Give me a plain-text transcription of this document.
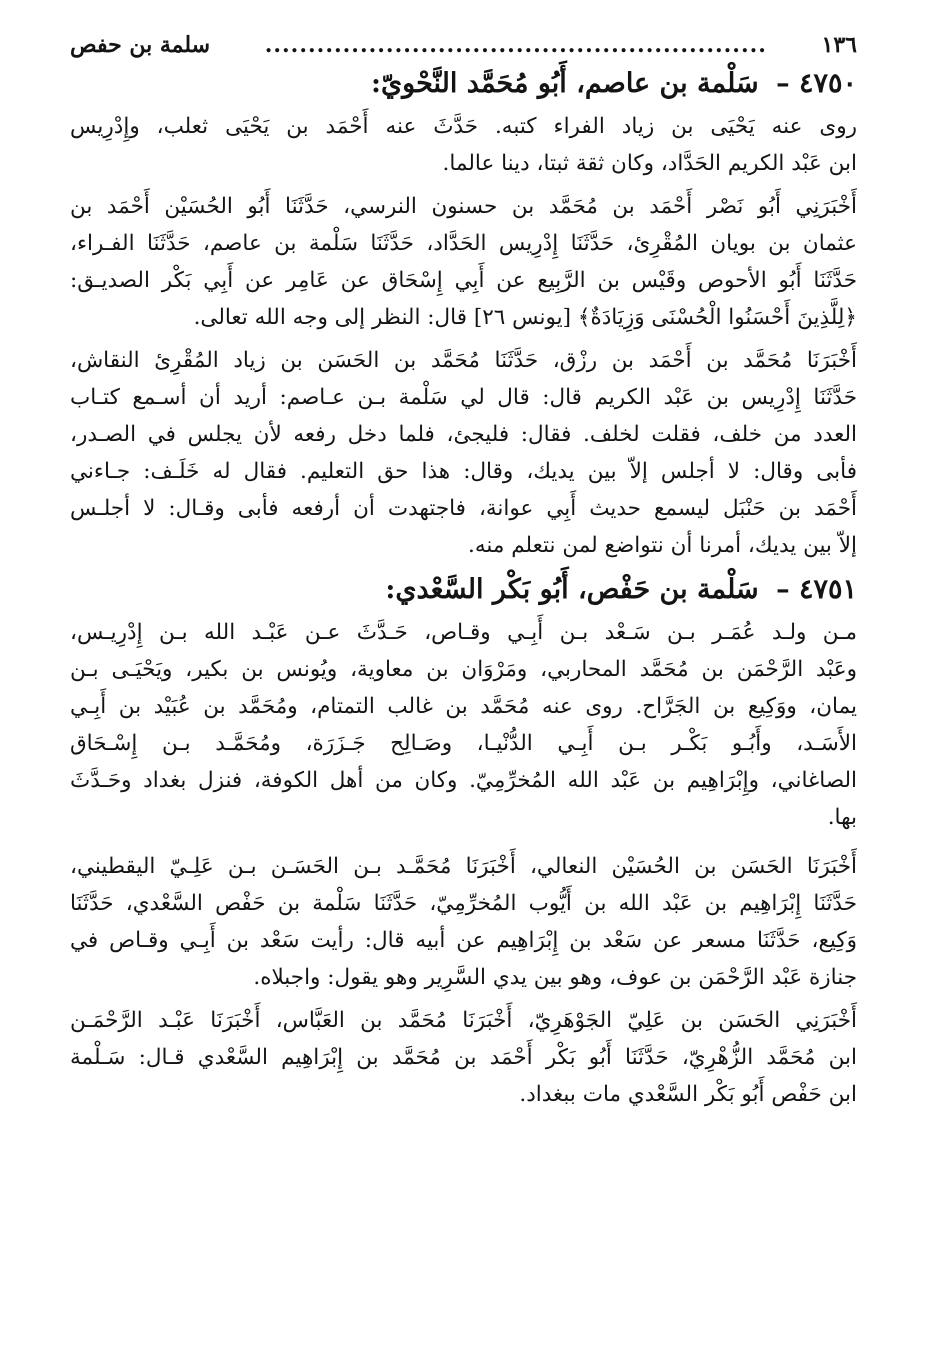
١٣٦
..........................................................
سلمة بن حفص
٤٧٥٠ – سَلْمة بن عاصم، أَبُو مُحَمَّد النَّحْويّ:
روى عنه يَحْيَى بن زياد الفراء كتبه. حَدَّثَ عنه أَحْمَد بن يَحْيَى ثعلب، وإِدْرِيس
ابن عَبْد الكريم الحَدَّاد، وكان ثقة ثبتا، دينا عالما.
أَخْبَرَنِي أَبُو نَصْر أَحْمَد بن مُحَمَّد بن حسنون النرسي، حَدَّثَنَا أَبُو الحُسَيْن أَحْمَد بن
عثمان بن بويان المُقْرِئ، حَدَّثَنَا إِدْرِيس الحَدَّاد، حَدَّثَنَا سَلْمة بن عاصم، حَدَّثَنَا الفـراء،
حَدَّثَنَا أَبُو الأحوص وقَيْس بن الرَّبِيع عن أَبِي إِسْحَاق عن عَامِر عن أَبِي بَكْر الصديـق:
﴿لِلَّذِينَ أَحْسَنُوا الْحُسْنَى وَزِيَادَةٌ﴾ [يونس ٢٦] قال: النظر إلى وجه الله تعالى.
أَخْبَرَنَا مُحَمَّد بن أَحْمَد بن رزْق، حَدَّثَنَا مُحَمَّد بن الحَسَن بن زياد المُقْرِئ النقاش،
حَدَّثَنَا إِدْرِيس بن عَبْد الكريم قال: قال لي سَلْمة بـن عـاصم: أريد أن أسـمع كتـاب
العدد من خلف، فقلت لخلف. فقال: فليجئ، فلما دخل رفعه لأن يجلس في الصـدر،
فأبى وقال: لا أجلس إلاّ بين يديك، وقال: هذا حق التعليم. فقال له خَلَـف: جـاءني
أَحْمَد بن حَنْبَل ليسمع حديث أَبِي عوانة، فاجتهدت أن أرفعه فأبى وقـال: لا أجلـس
إلاّ بين يديك، أمرنا أن نتواضع لمن نتعلم منه.
٤٧٥١ – سَلْمة بن حَفْص، أَبُو بَكْر السَّعْدي:
مـن ولـد عُمَـر بـن سَـعْد بـن أَبِـي وقـاص، حَـدَّثَ عـن عَبْـد الله بـن إِدْرِيـس،
وعَبْد الرَّحْمَن بن مُحَمَّد المحاربي، ومَرْوَان بن معاوية، ويُونس بن بكير، ويَحْيَـى بـن
يمان، ووَكِيع بن الجَرَّاح. روى عنه مُحَمَّد بن غالب التمتام، ومُحَمَّد بن عُبَيْد بن أَبِـي
الأَسَـد، وأَبُـو بَكْـر بـن أَبِـي الدُّنْيـا، وصَـالِح جَـزَرَة، ومُحَمَّـد بـن إِسْـحَاق
الصاغاني، وإِبْرَاهِيم بن عَبْد الله المُخرِّمِيّ. وكان من أهل الكوفة، فنزل بغداد وحَـدَّثَ
بها.
أَخْبَرَنَا الحَسَن بن الحُسَيْن النعالي، أَخْبَرَنَا مُحَمَّـد بـن الحَسَـن بـن عَلِـيّ اليقطيني،
حَدَّثَنَا إِبْرَاهِيم بن عَبْد الله بن أَيُّوب المُخرِّمِيّ، حَدَّثَنَا سَلْمة بن حَفْص السَّعْدي، حَدَّثَنَا
وَكِيع، حَدَّثَنَا مسعر عن سَعْد بن إِبْرَاهِيم عن أبيه قال: رأيت سَعْد بن أَبِـي وقـاص في
جنازة عَبْد الرَّحْمَن بن عوف، وهو بين يدي السَّرِير وهو يقول: واجبلاه.
أَخْبَرَنِي الحَسَن بن عَلِيّ الجَوْهَرِيّ، أَخْبَرَنَا مُحَمَّد بن العَبَّاس، أَخْبَرَنَا عَبْـد الرَّحْمَـن
ابن مُحَمَّد الزُّهْرِيّ، حَدَّثَنَا أَبُو بَكْر أَحْمَد بن مُحَمَّد بن إِبْرَاهِيم السَّعْدي قـال: سَـلْمة
ابن حَفْص أَبُو بَكْر السَّعْدي مات ببغداد.
